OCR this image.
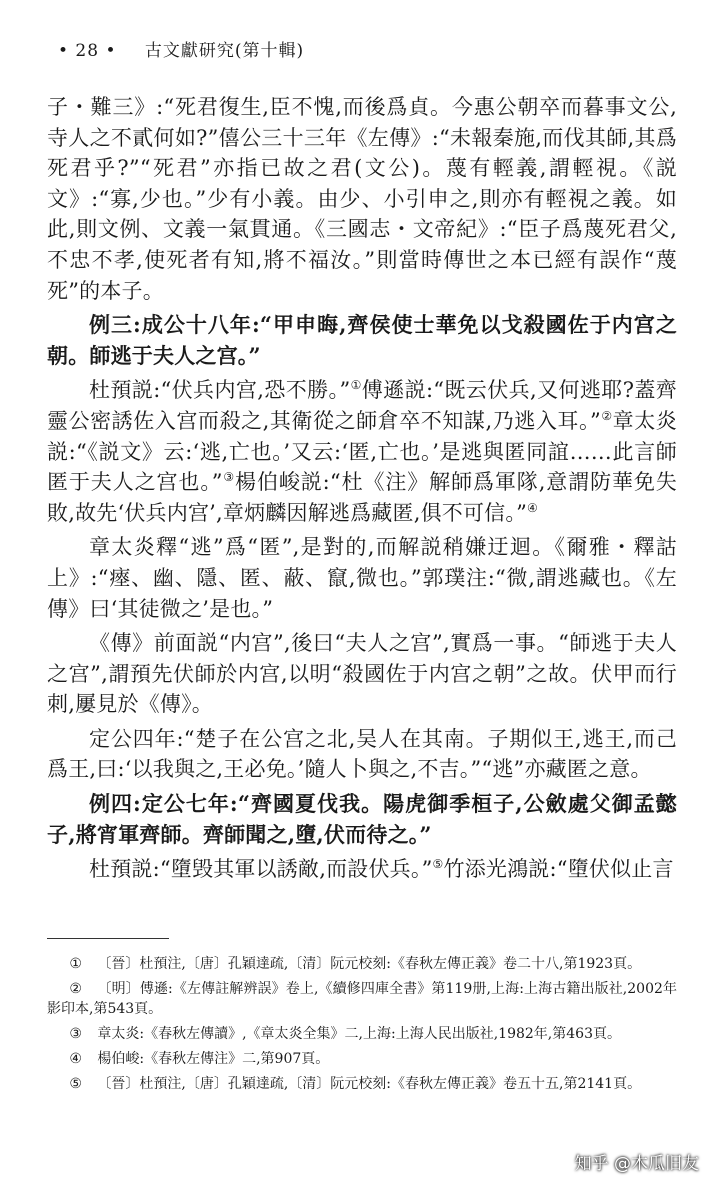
• 28 • 古文獻研究(第十輯)

子・難三》:“死君復生,臣不愧,而後爲貞。今惠公朝卒而暮事文公,寺人之不貳何如?”僖公三十三年《左傳》:“未報秦施,而伐其師,其爲死君乎?”“死君”亦指已故之君(文公)。蔑有輕義,謂輕視。《説文》:“寡,少也。”少有小義。由少、小引申之,則亦有輕視之義。如此,則文例、文義一氣貫通。《三國志・文帝紀》:“臣子爲蔑死君父,不忠不孝,使死者有知,將不福汝。”則當時傳世之本已經有誤作“蔑死”的本子。

例三:成公十八年:“甲申晦,齊侯使士華免以戈殺國佐于内宫之朝。師逃于夫人之宫。”

杜預説:“伏兵内宫,恐不勝。”①傅遜説:“既云伏兵,又何逃耶?蓋齊靈公密誘佐入宫而殺之,其衛從之師倉卒不知謀,乃逃入耳。”②章太炎説:“《説文》云:‘逃,亡也。’又云:‘匿,亡也。’是逃與匿同誼……此言師匿于夫人之宫也。”③楊伯峻説:“杜《注》解師爲軍隊,意謂防華免失敗,故先‘伏兵内宫’,章炳麟因解逃爲藏匿,俱不可信。”④

章太炎釋“逃”爲“匿”,是對的,而解説稍嫌迂迴。《爾雅・釋詁上》:“瘞、幽、隱、匿、蔽、竄,微也。”郭璞注:“微,謂逃藏也。《左傳》曰‘其徒微之’是也。”

《傳》前面説“内宫”,後曰“夫人之宫”,實爲一事。“師逃于夫人之宫”,謂預先伏師於内宫,以明“殺國佐于内宫之朝”之故。伏甲而行刺,屢見於《傳》。

定公四年:“楚子在公宫之北,吴人在其南。子期似王,逃王,而己爲王,曰:‘以我與之,王必免。’隨人卜與之,不吉。”“逃”亦藏匿之意。

例四:定公七年:“齊國夏伐我。陽虎御季桓子,公斂處父御孟懿子,將宵軍齊師。齊師聞之,墮,伏而待之。”

杜預説:“墮毁其軍以誘敵,而設伏兵。”⑤竹添光鴻説:“墮伏似止言

① 〔晉〕杜預注,〔唐〕孔穎達疏,〔清〕阮元校刻:《春秋左傳正義》卷二十八,第1923頁。

② 〔明〕傅遜:《左傳註解辨誤》卷上,《續修四庫全書》第119册,上海:上海古籍出版社,2002年影印本,第543頁。

③ 章太炎:《春秋左傳讀》,《章太炎全集》二,上海:上海人民出版社,1982年,第463頁。

④ 楊伯峻:《春秋左傳注》二,第907頁。

⑤ 〔晉〕杜預注,〔唐〕孔穎達疏,〔清〕阮元校刻:《春秋左傳正義》卷五十五,第2141頁。

知乎 @木瓜旧友
